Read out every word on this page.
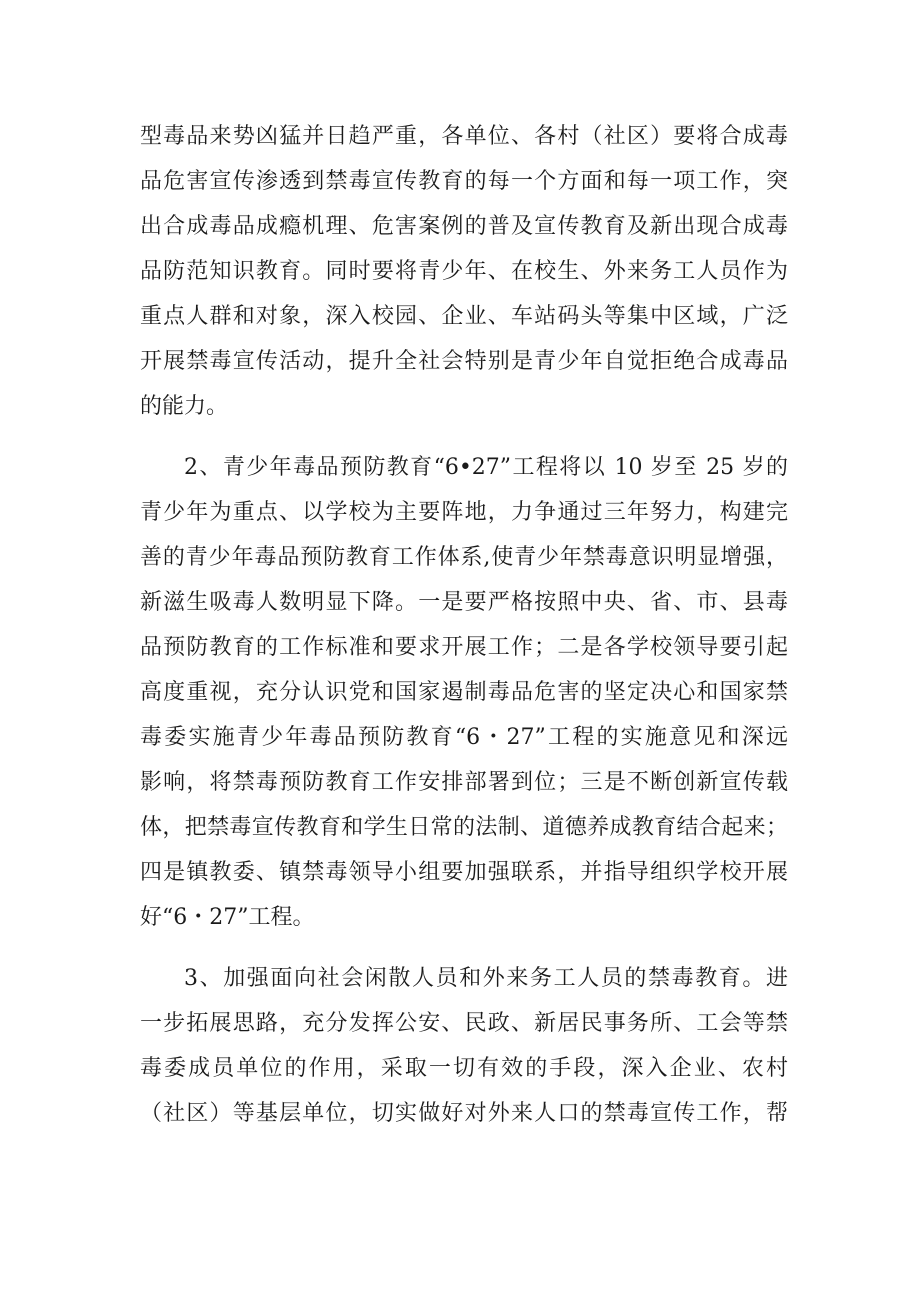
型毒品来势凶猛并日趋严重，各单位、各村（社区）要将合成毒
品危害宣传渗透到禁毒宣传教育的每一个方面和每一项工作，突
出合成毒品成瘾机理、危害案例的普及宣传教育及新出现合成毒
品防范知识教育。同时要将青少年、在校生、外来务工人员作为
重点人群和对象，深入校园、企业、车站码头等集中区域，广泛
开展禁毒宣传活动，提升全社会特别是青少年自觉拒绝合成毒品
的能力。
2、青少年毒品预防教育“6•27”工程将以 10 岁至 25 岁的
青少年为重点、以学校为主要阵地，力争通过三年努力，构建完
善的青少年毒品预防教育工作体系,使青少年禁毒意识明显增强，
新滋生吸毒人数明显下降。一是要严格按照中央、省、市、县毒
品预防教育的工作标准和要求开展工作；二是各学校领导要引起
高度重视，充分认识党和国家遏制毒品危害的坚定决心和国家禁
毒委实施青少年毒品预防教育“6・27”工程的实施意见和深远
影响，将禁毒预防教育工作安排部署到位；三是不断创新宣传载
体，把禁毒宣传教育和学生日常的法制、道德养成教育结合起来；
四是镇教委、镇禁毒领导小组要加强联系，并指导组织学校开展
好“6・27”工程。
3、加强面向社会闲散人员和外来务工人员的禁毒教育。进
一步拓展思路，充分发挥公安、民政、新居民事务所、工会等禁
毒委成员单位的作用，采取一切有效的手段，深入企业、农村
（社区）等基层单位，切实做好对外来人口的禁毒宣传工作，帮
